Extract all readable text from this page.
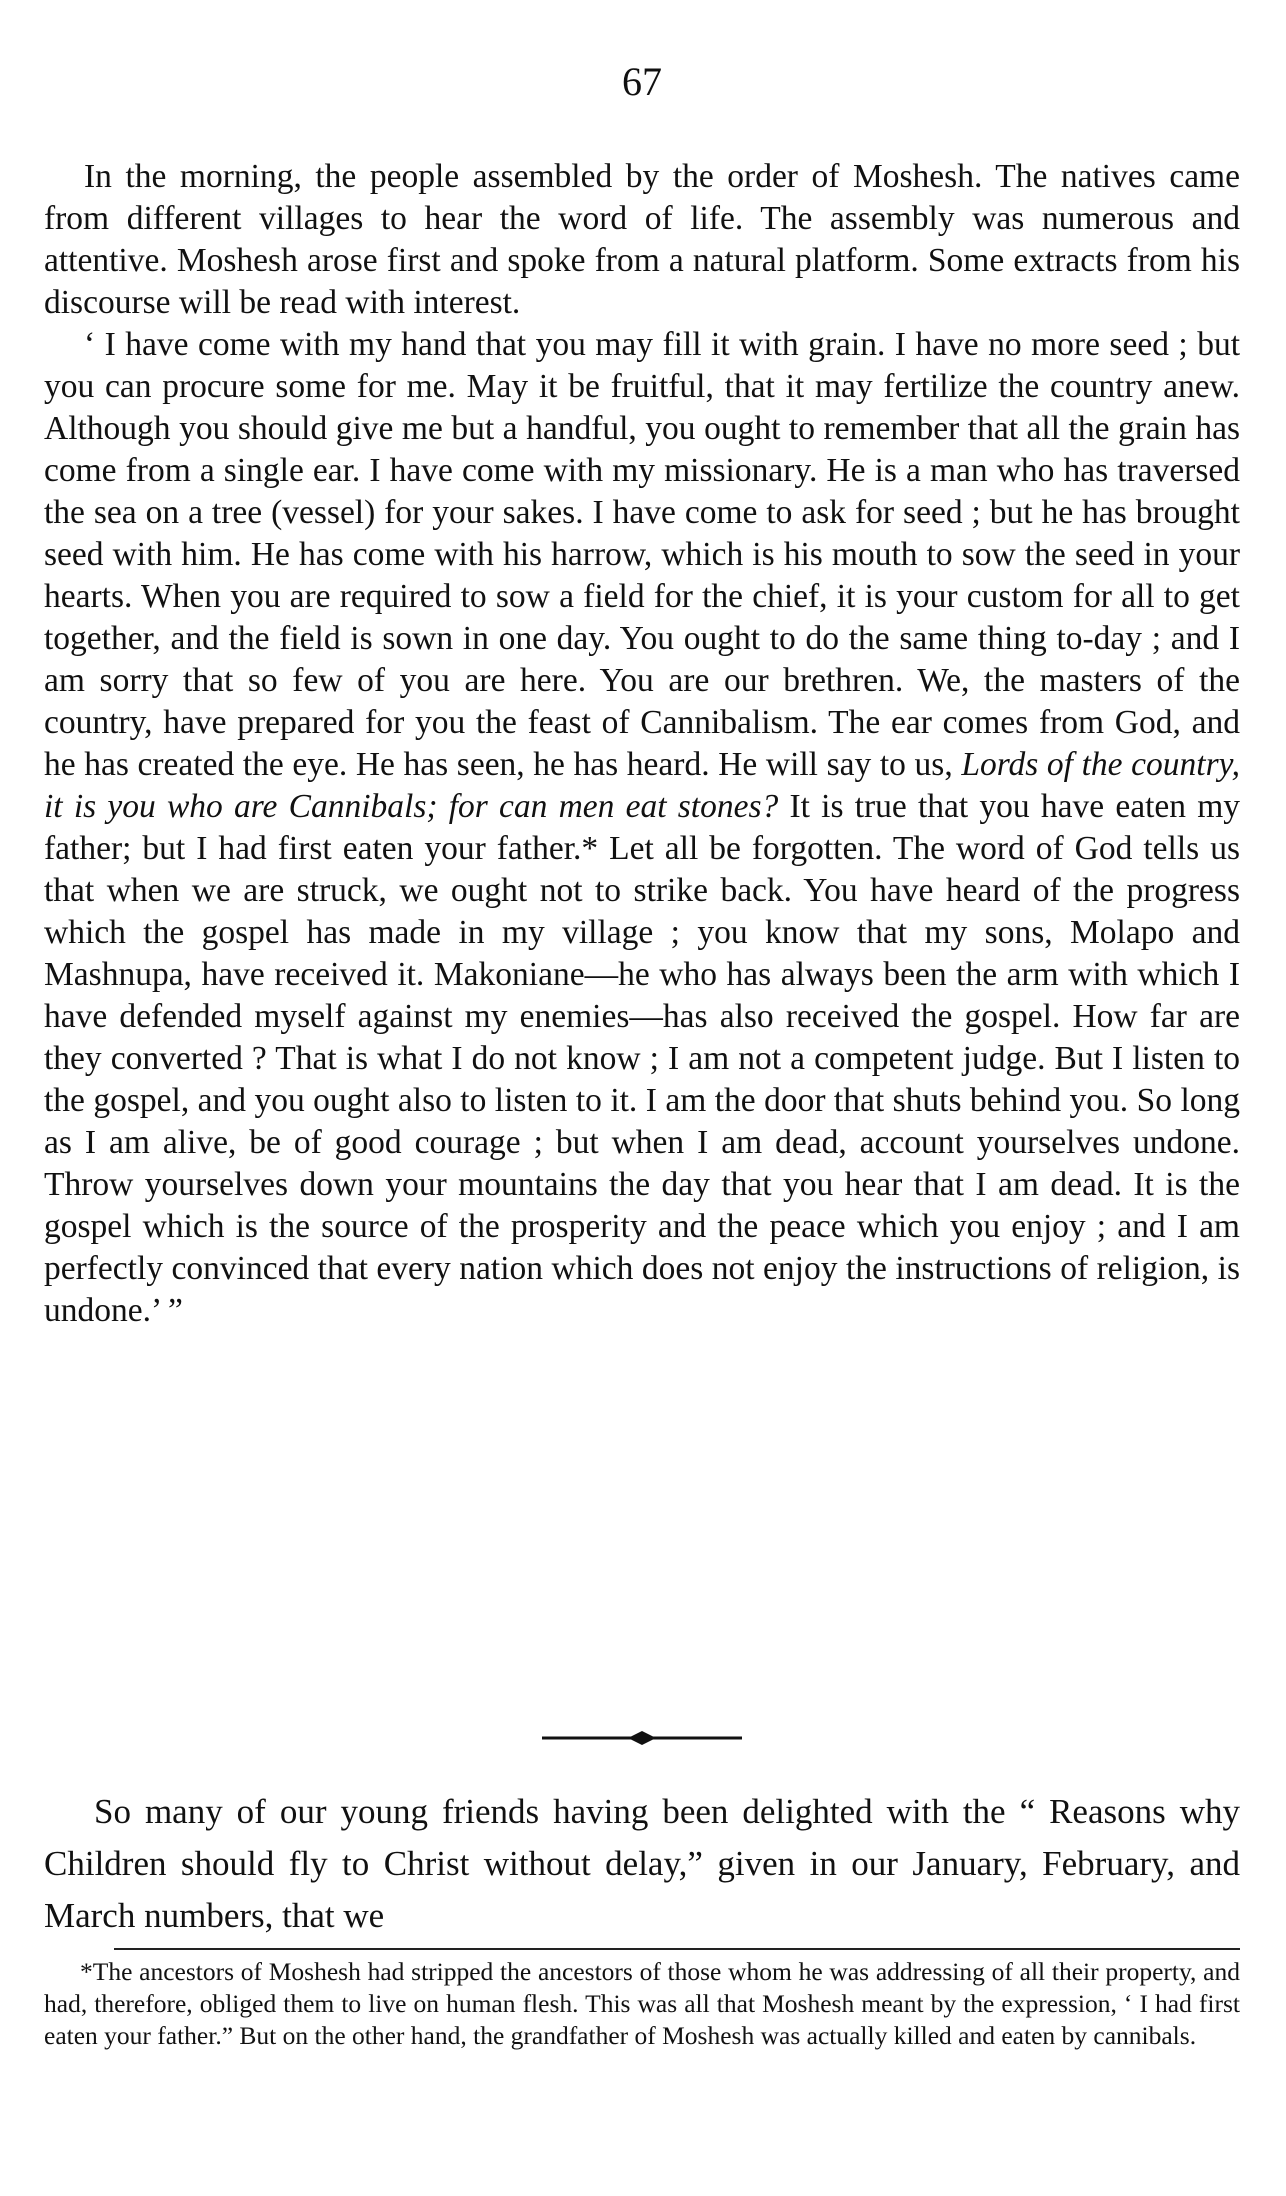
67

In the morning, the people assembled by the order of Moshesh. The natives came from different villages to hear the word of life. The assembly was numerous and attentive. Moshesh arose first and spoke from a natural platform. Some extracts from his discourse will be read with interest.

‘ I have come with my hand that you may fill it with grain. I have no more seed ; but you can procure some for me. May it be fruitful, that it may fertilize the country anew. Although you should give me but a handful, you ought to remember that all the grain has come from a single ear. I have come with my missionary. He is a man who has traversed the sea on a tree (vessel) for your sakes. I have come to ask for seed ; but he has brought seed with him. He has come with his harrow, which is his mouth to sow the seed in your hearts. When you are required to sow a field for the chief, it is your custom for all to get together, and the field is sown in one day. You ought to do the same thing to-day ; and I am sorry that so few of you are here. You are our brethren. We, the masters of the country, have prepared for you the feast of Cannibalism. The ear comes from God, and he has created the eye. He has seen, he has heard. He will say to us, Lords of the country, it is you who are Cannibals; for can men eat stones? It is true that you have eaten my father; but I had first eaten your father.* Let all be forgotten. The word of God tells us that when we are struck, we ought not to strike back. You have heard of the progress which the gospel has made in my village ; you know that my sons, Molapo and Mashnupa, have received it. Makoniane—he who has always been the arm with which I have defended myself against my enemies—has also received the gospel. How far are they converted ? That is what I do not know ; I am not a competent judge. But I listen to the gospel, and you ought also to listen to it. I am the door that shuts behind you. So long as I am alive, be of good courage ; but when I am dead, account yourselves undone. Throw yourselves down your mountains the day that you hear that I am dead. It is the gospel which is the source of the prosperity and the peace which you enjoy ; and I am perfectly convinced that every nation which does not enjoy the instructions of religion, is undone.’ ”

So many of our young friends having been delighted with the “ Reasons why Children should fly to Christ without delay,” given in our January, February, and March numbers, that we

*The ancestors of Moshesh had stripped the ancestors of those whom he was addressing of all their property, and had, therefore, obliged them to live on human flesh. This was all that Moshesh meant by the expression, ‘ I had first eaten your father.” But on the other hand, the grandfather of Moshesh was actually killed and eaten by cannibals.
